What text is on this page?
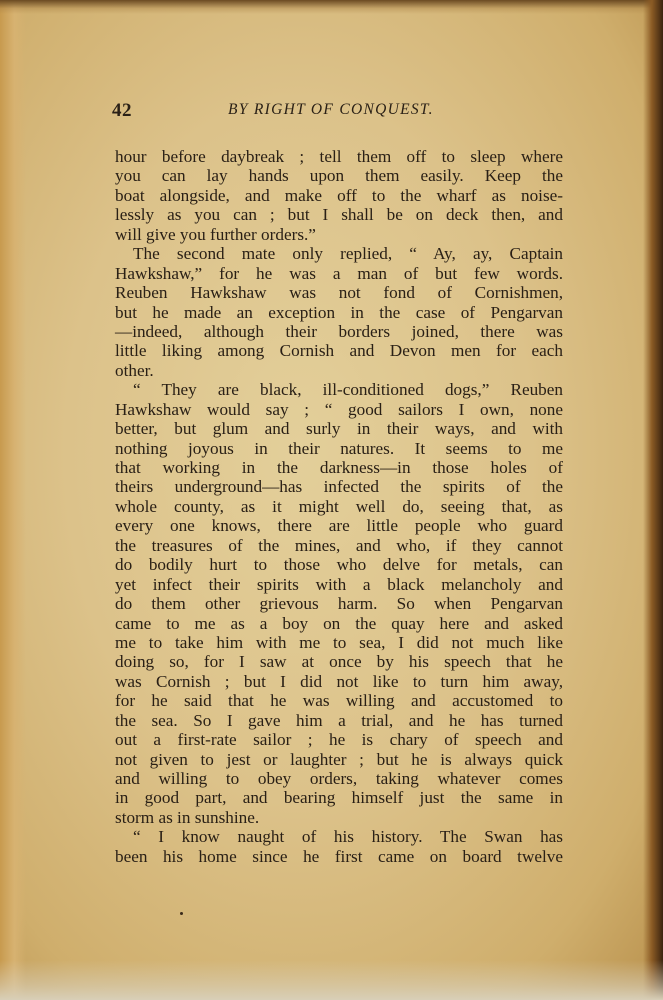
42	BY RIGHT OF CONQUEST.
hour before daybreak ; tell them off to sleep where
you can lay hands upon them easily. Keep the
boat alongside, and make off to the wharf as noise-
lessly as you can ; but I shall be on deck then, and
will give you further orders.”
The second mate only replied, “ Ay, ay, Captain
Hawkshaw,” for he was a man of but few words.
Reuben Hawkshaw was not fond of Cornishmen,
but he made an exception in the case of Pengarvan
—indeed, although their borders joined, there was
little liking among Cornish and Devon men for each
other.
“ They are black, ill-conditioned dogs,” Reuben
Hawkshaw would say ; “ good sailors I own, none
better, but glum and surly in their ways, and with
nothing joyous in their natures. It seems to me
that working in the darkness—in those holes of
theirs underground—has infected the spirits of the
whole county, as it might well do, seeing that, as
every one knows, there are little people who guard
the treasures of the mines, and who, if they cannot
do bodily hurt to those who delve for metals, can
yet infect their spirits with a black melancholy and
do them other grievous harm. So when Pengarvan
came to me as a boy on the quay here and asked
me to take him with me to sea, I did not much like
doing so, for I saw at once by his speech that he
was Cornish ; but I did not like to turn him away,
for he said that he was willing and accustomed to
the sea. So I gave him a trial, and he has turned
out a first-rate sailor ; he is chary of speech and
not given to jest or laughter ; but he is always quick
and willing to obey orders, taking whatever comes
in good part, and bearing himself just the same in
storm as in sunshine.
“ I know naught of his history. The Swan has
been his home since he first came on board twelve
